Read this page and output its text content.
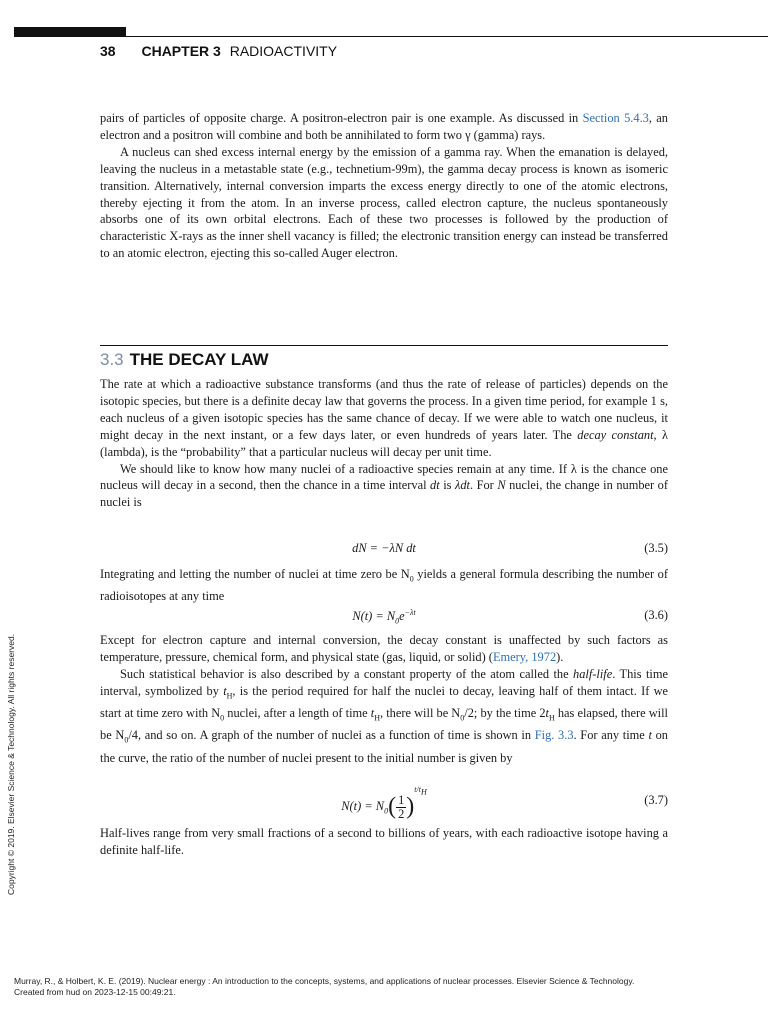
38 CHAPTER 3 RADIOACTIVITY

pairs of particles of opposite charge. A positron-electron pair is one example. As discussed in Section 5.4.3, an electron and a positron will combine and both be annihilated to form two γ (gamma) rays.

A nucleus can shed excess internal energy by the emission of a gamma ray. When the emanation is delayed, leaving the nucleus in a metastable state (e.g., technetium-99m), the gamma decay process is known as isomeric transition. Alternatively, internal conversion imparts the excess energy directly to one of the atomic electrons, thereby ejecting it from the atom. In an inverse process, called electron capture, the nucleus spontaneously absorbs one of its own orbital electrons. Each of these two processes is followed by the production of characteristic X-rays as the inner shell vacancy is filled; the electronic transition energy can instead be transferred to an atomic electron, ejecting this so-called Auger electron.

3.3 THE DECAY LAW

The rate at which a radioactive substance transforms (and thus the rate of release of particles) depends on the isotopic species, but there is a definite decay law that governs the process. In a given time period, for example 1 s, each nucleus of a given isotopic species has the same chance of decay. If we were able to watch one nucleus, it might decay in the next instant, or a few days later, or even hundreds of years later. The decay constant, λ (lambda), is the “probability” that a particular nucleus will decay per unit time.

We should like to know how many nuclei of a radioactive species remain at any time. If λ is the chance one nucleus will decay in a second, then the chance in a time interval dt is λdt. For N nuclei, the change in number of nuclei is

dN = −λN dt	(3.5)

Integrating and letting the number of nuclei at time zero be $N_0$ yields a general formula describing the number of radioisotopes at any time

$N(t) = N_0e^{-\lambda t}$	(3.6)

Except for electron capture and internal conversion, the decay constant is unaffected by such factors as temperature, pressure, chemical form, and physical state (gas, liquid, or solid) (Emery, 1972).

Such statistical behavior is also described by a constant property of the atom called the half-life. This time interval, symbolized by $t_H$, is the period required for half the nuclei to decay, leaving half of them intact. If we start at time zero with $N_0$ nuclei, after a length of time $t_H$, there will be $N_0/2$; by the time $2t_H$ has elapsed, there will be $N_0/4$, and so on. A graph of the number of nuclei as a function of time is shown in Fig. 3.3. For any time t on the curve, the ratio of the number of nuclei present to the initial number is given by

$N(t) = N_0( \frac{1}{2} )^{t/t_H}$
(3.7)

Half-lives range from very small fractions of a second to billions of years, with each radioactive isotope having a definite half-life.

Copyright © 2019. Elsevier Science & Technology. All rights reserved.
Murray, R., & Holbert, K. E. (2019). Nuclear energy : An introduction to the concepts, systems, and applications of nuclear processes. Elsevier Science & Technology.
Created from hud on 2023-12-15 00:49:21.
